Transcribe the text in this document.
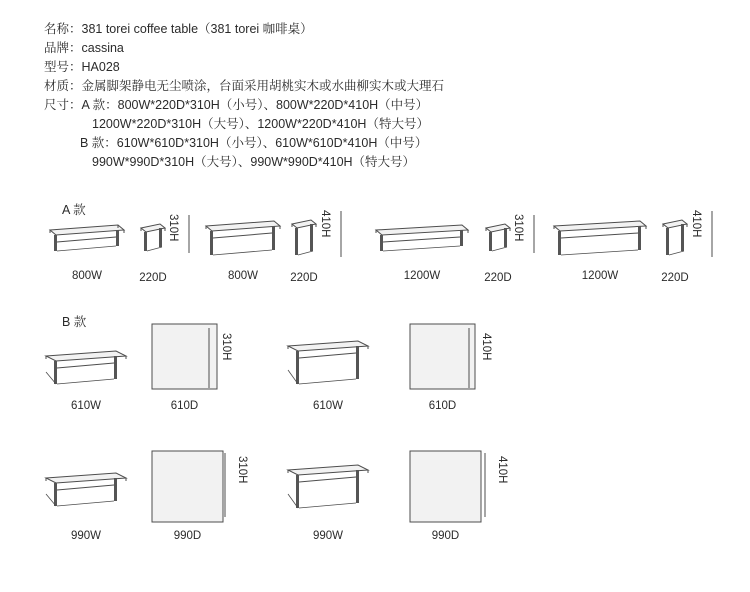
名称：381 torei coffee table（381 torei 咖啡桌）
品牌：cassina
型号：HA028
材质：金属脚架静电无尘喷涂，台面采用胡桃实木或水曲柳实木或大理石
尺寸：A 款：800W*220D*310H（小号）、800W*220D*410H（中号）
1200W*220D*310H（大号）、1200W*220D*410H（特大号）
B 款：610W*610D*310H（小号）、610W*610D*410H（中号）
990W*990D*310H（大号）、990W*990D*410H（特大号）
A 款
B 款
800W	220D
310H
800W	220D
410H
1200W	220D
310H
1200W	220D
410H
610W	610D
310H
610W	610D
410H
990W	990D
310H
990W	990D
410H
